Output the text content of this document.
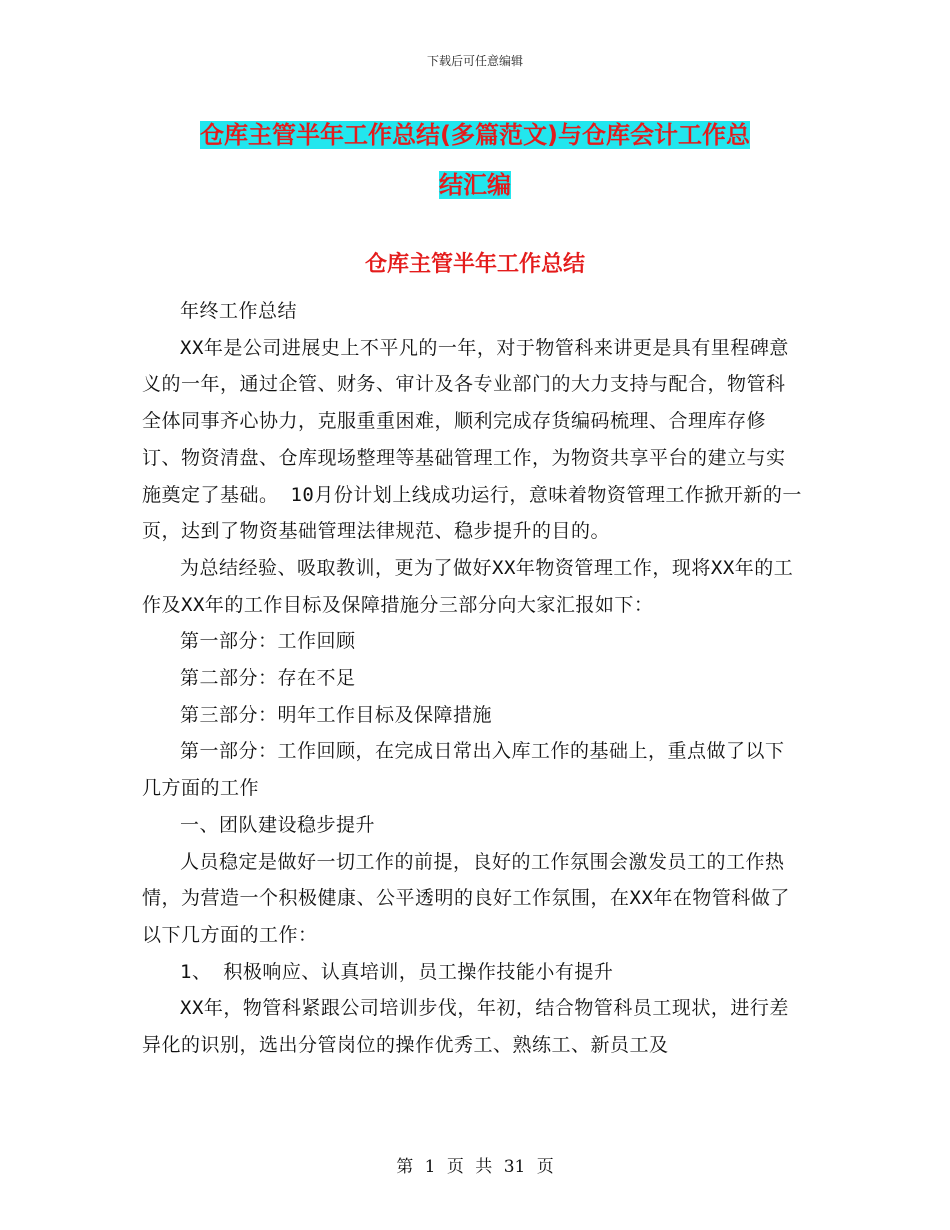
下载后可任意编辑
仓库主管半年工作总结(多篇范文)与仓库会计工作总
结汇编
仓库主管半年工作总结

年终工作总结

XX年是公司进展史上不平凡的一年，对于物管科来讲更是具有里程碑意义的一年，通过企管、财务、审计及各专业部门的大力支持与配合，物管科全体同事齐心协力，克服重重困难，顺利完成存货编码梳理、合理库存修订、物资清盘、仓库现场整理等基础管理工作，为物资共享平台的建立与实施奠定了基础。 10月份计划上线成功运行，意味着物资管理工作掀开新的一页，达到了物资基础管理法律规范、稳步提升的目的。

为总结经验、吸取教训，更为了做好XX年物资管理工作，现将XX年的工作及XX年的工作目标及保障措施分三部分向大家汇报如下：

第一部分：工作回顾

第二部分：存在不足

第三部分：明年工作目标及保障措施

第一部分：工作回顾，在完成日常出入库工作的基础上，重点做了以下几方面的工作

一、团队建设稳步提升

人员稳定是做好一切工作的前提，良好的工作氛围会激发员工的工作热情，为营造一个积极健康、公平透明的良好工作氛围，在XX年在物管科做了以下几方面的工作：

1、 积极响应、认真培训，员工操作技能小有提升

XX年，物管科紧跟公司培训步伐，年初，结合物管科员工现状，进行差异化的识别，选出分管岗位的操作优秀工、熟练工、新员工及

第 1 页 共 31 页
